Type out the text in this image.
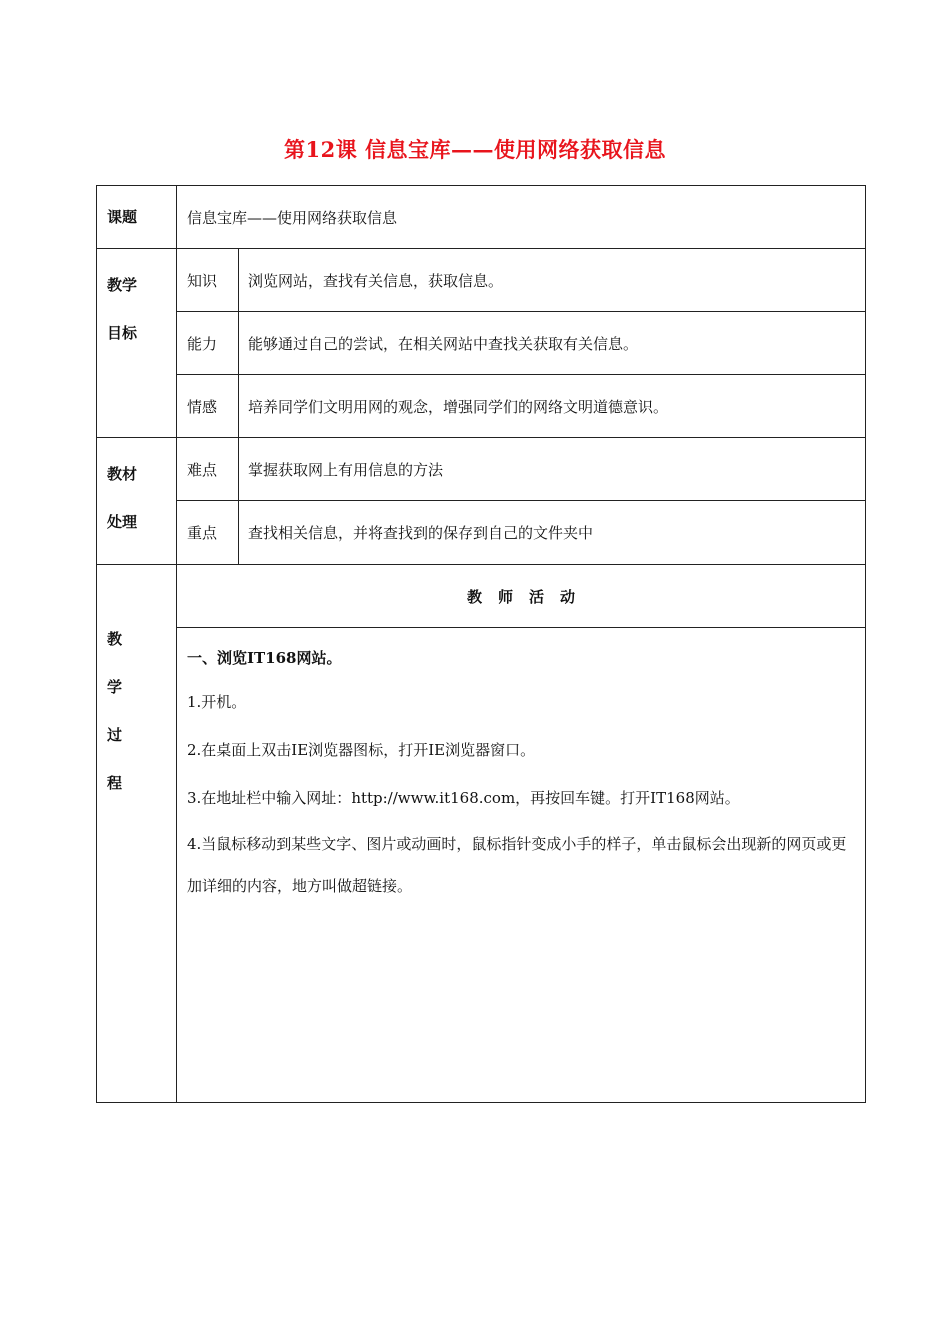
第12课 信息宝库——使用网络获取信息
课题	信息宝库——使用网络获取信息	

教学
目标	知识	浏览网站，查找有关信息，获取信息。
	能力	能够通过自己的尝试，在相关网站中查找关获取有关信息。
	情感	培养同学们文明用网的观念，增强同学们的网络文明道德意识。

教材
处理	难点	掌握获取网上有用信息的方法
	重点	查找相关信息，并将查找到的保存到自己的文件夹中

教
学
过
程	教师活动	

	一、浏览IT168网站。

1.开机。

2.在桌面上双击IE浏览器图标，打开IE浏览器窗口。

3.在地址栏中输入网址：http://www.it168.com，再按回车键。打开IT168网站。

4.当鼠标移动到某些文字、图片或动画时，鼠标指针变成小手的样子，单击鼠标会出现新的网页或更加详细的内容，地方叫做超链接。	
